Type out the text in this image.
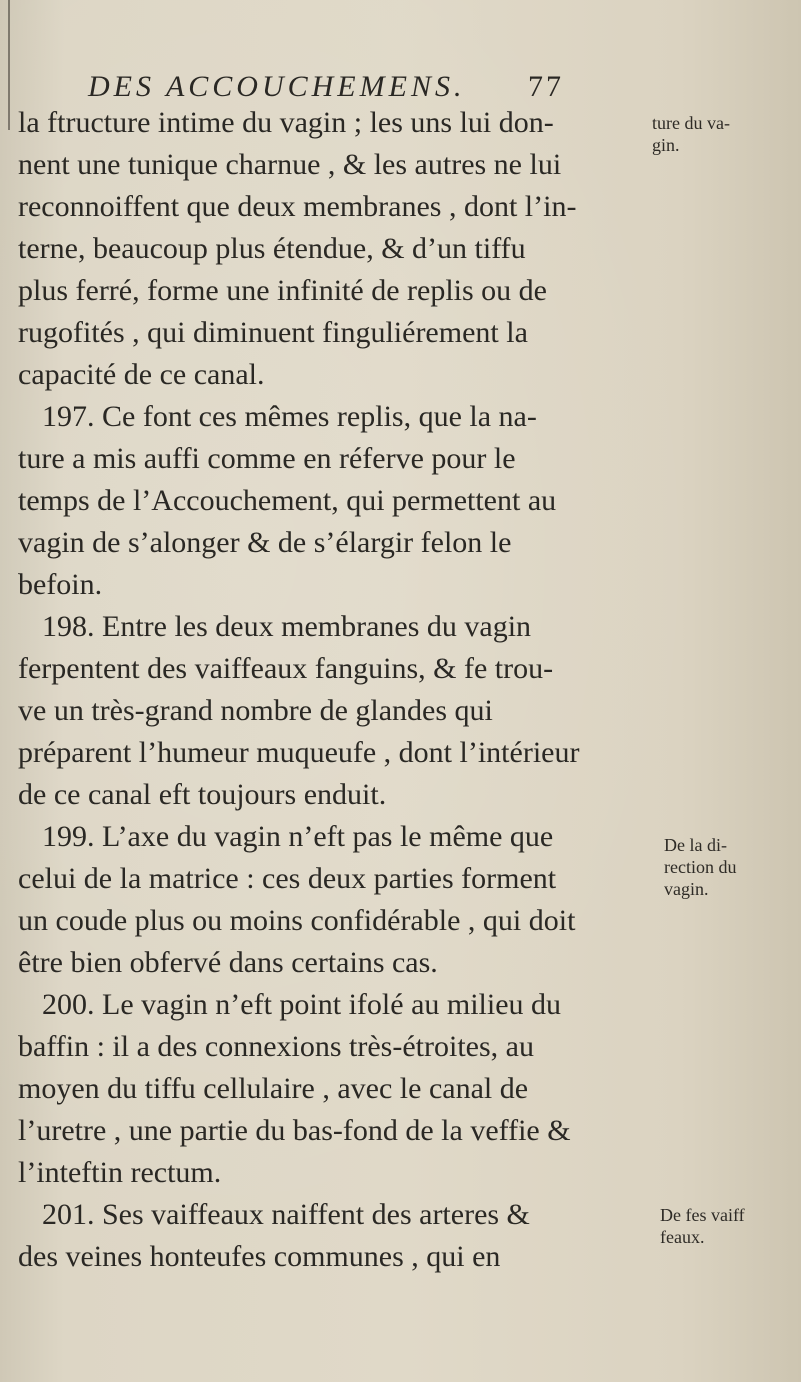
DES ACCOUCHEMENS. 77
la ftructure intime du vagin ; les uns lui don-
nent une tunique charnue , & les autres ne lui
reconnoiffent que deux membranes , dont l’in-
terne, beaucoup plus étendue, & d’un tiffu
plus ferré, forme une infinité de replis ou de
rugofités , qui diminuent finguliérement la
capacité de ce canal.
197. Ce font ces mêmes replis, que la na-
ture a mis auffi comme en réferve pour le
temps de l’Accouchement, qui permettent au
vagin de s’alonger & de s’élargir felon le
befoin.
198. Entre les deux membranes du vagin
ferpentent des vaiffeaux fanguins, & fe trou-
ve un très-grand nombre de glandes qui
préparent l’humeur muqueufe , dont l’intérieur
de ce canal eft toujours enduit.
199. L’axe du vagin n’eft pas le même que
celui de la matrice : ces deux parties forment
un coude plus ou moins confidérable , qui doit
être bien obfervé dans certains cas.
200. Le vagin n’eft point ifolé au milieu du
baffin : il a des connexions très-étroites, au
moyen du tiffu cellulaire , avec le canal de
l’uretre , une partie du bas-fond de la veffie &
l’inteftin rectum.
201. Ses vaiffeaux naiffent des arteres &
des veines honteufes communes , qui en
ture du va-
gin.
De la di-
rection du
vagin.
De fes vaiff
feaux.
